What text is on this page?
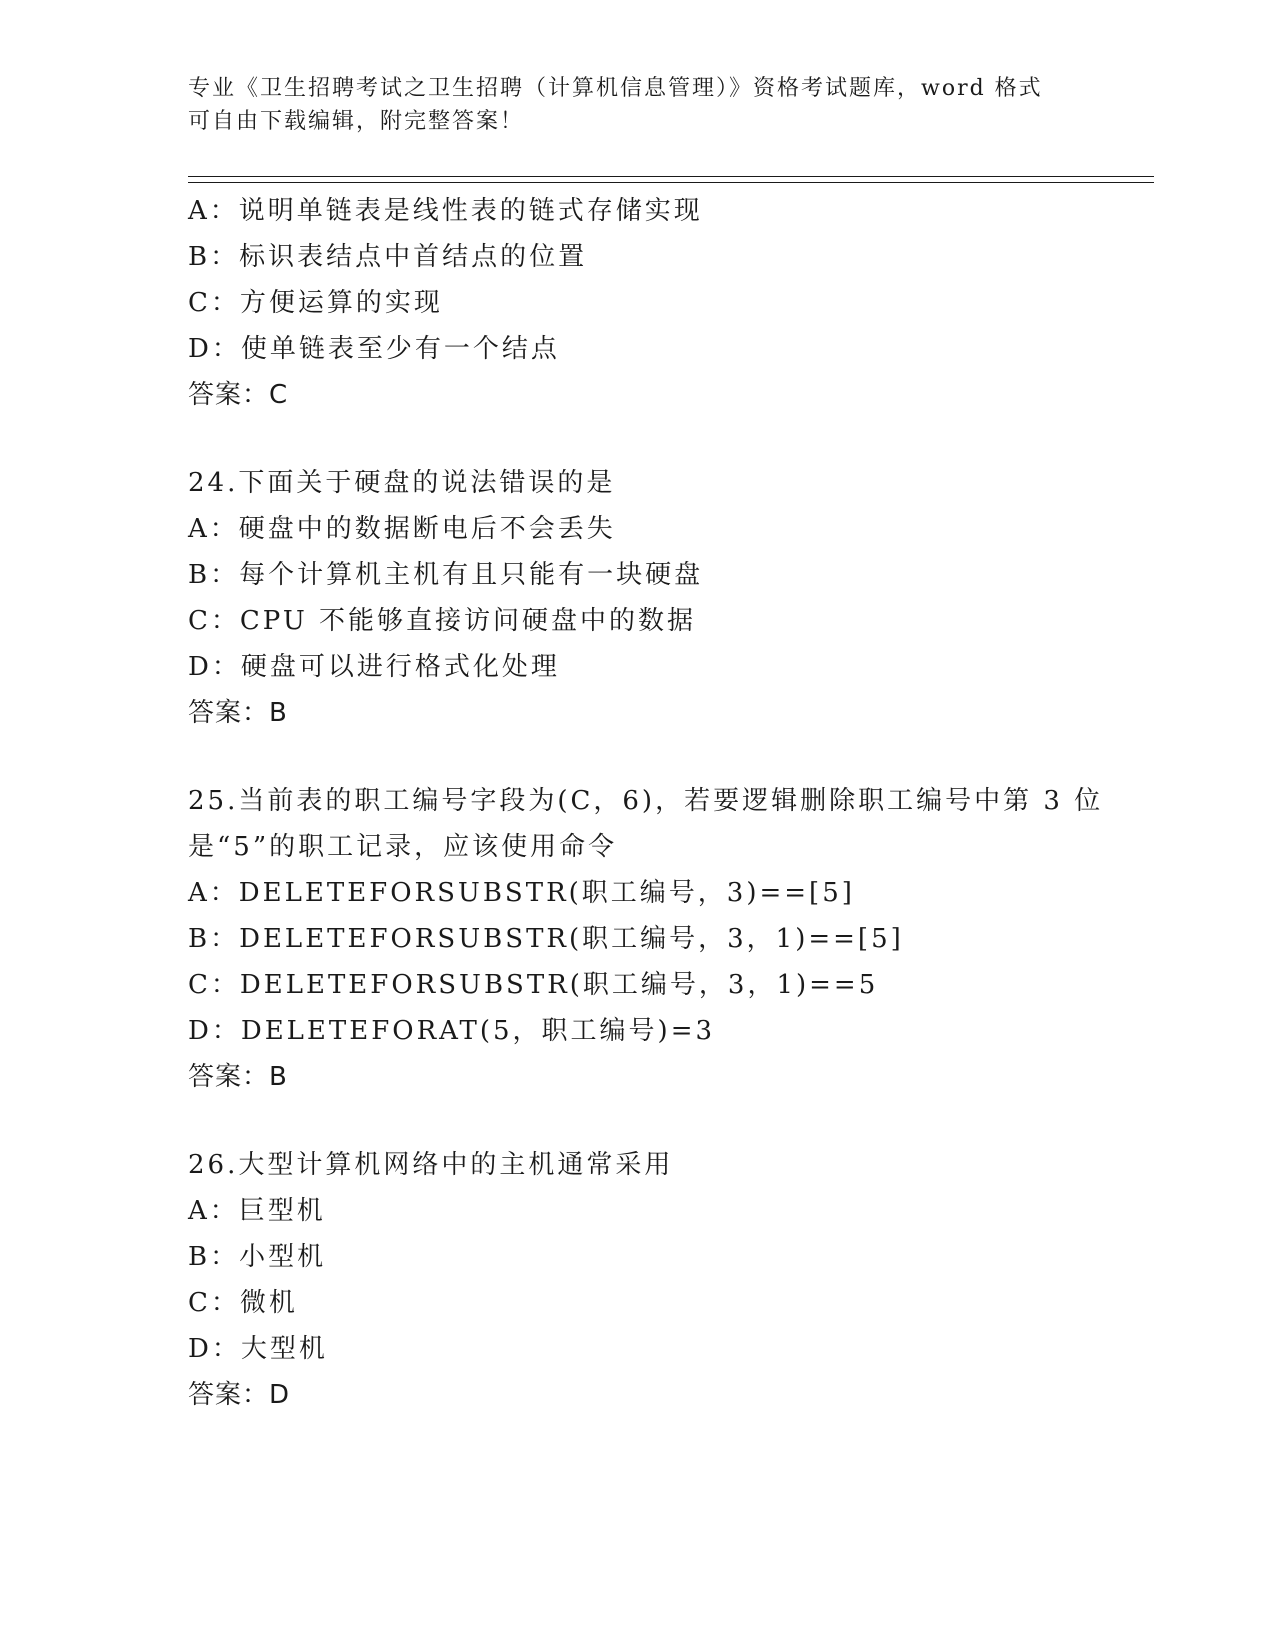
专业《卫生招聘考试之卫生招聘（计算机信息管理）》资格考试题库，word 格式
可自由下载编辑，附完整答案！
A：说明单链表是线性表的链式存储实现
B：标识表结点中首结点的位置
C：方便运算的实现
D：使单链表至少有一个结点
答案：C
24.下面关于硬盘的说法错误的是
A：硬盘中的数据断电后不会丢失
B：每个计算机主机有且只能有一块硬盘
C：CPU 不能够直接访问硬盘中的数据
D：硬盘可以进行格式化处理
答案：B
25.当前表的职工编号字段为(C，6)，若要逻辑删除职工编号中第 3 位
是“5”的职工记录，应该使用命令
A：DELETEFORSUBSTR(职工编号，3)==[5]
B：DELETEFORSUBSTR(职工编号，3，1)==[5]
C：DELETEFORSUBSTR(职工编号，3，1)==5
D：DELETEFORAT(5，职工编号)=3
答案：B
26.大型计算机网络中的主机通常采用
A：巨型机
B：小型机
C：微机
D：大型机
答案：D
